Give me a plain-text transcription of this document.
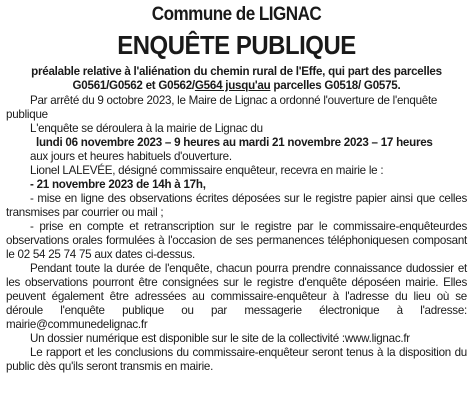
Commune de LIGNAC
ENQUÊTE PUBLIQUE
préalable relative à l'aliénation du chemin rural de l'Effe, qui part des parcelles
G0561/G0562 et G0562/G564 jusqu'au parcelles G0518/ G0575.

Par arrêté du 9 octobre 2023, le Maire de Lignac a ordonné l'ouverture de l'enquête publique

L'enquête se déroulera à la mairie de Lignac du

lundi 06 novembre 2023 – 9 heures au mardi 21 novembre 2023 – 17 heures

aux jours et heures habituels d'ouverture.

Lionel LALEVÉE, désigné commissaire enquêteur, recevra en mairie le :

- 21 novembre 2023 de 14h à 17h,

- mise en ligne des observations écrites déposées sur le registre papier ainsi que celles transmises par courrier ou mail ;

- prise en compte et retranscription sur le registre par le commissaire-enquêteurdes observations orales formulées à l'occasion de ses permanences téléphoniquesen composant le 02 54 25 74 75 aux dates ci-dessus.

Pendant toute la durée de l'enquête, chacun pourra prendre connaissance dudossier et les observations pourront être consignées sur le registre d'enquête déposéen mairie. Elles peuvent également être adressées au commissaire-enquêteur à l'adresse du lieu où se déroule l'enquête publique ou par messagerie électronique à l'adresse: mairie@communedelignac.fr

Un dossier numérique est disponible sur le site de la collectivité :www.lignac.fr

Le rapport et les conclusions du commissaire-enquêteur seront tenus à la disposition du public dès qu'ils seront transmis en mairie.
